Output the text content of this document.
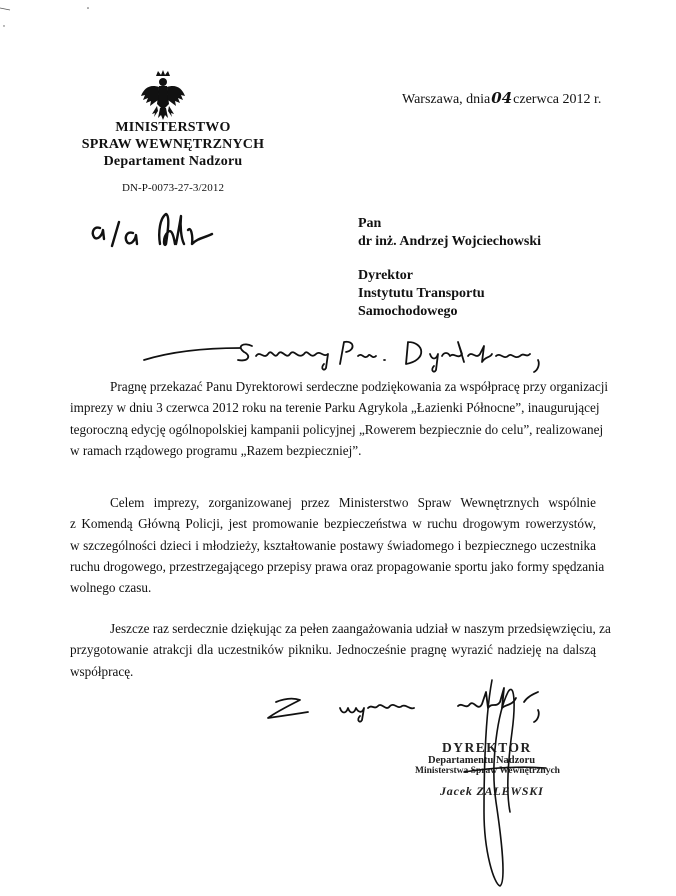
MINISTERSTWO
SPRAW WEWNĘTRZNYCH
Departament Nadzoru
DN-P-0073-27-3/2012
Warszawa, dnia04czerwca 2012 r.
Pan
dr inż. Andrzej Wojciechowski
Dyrektor
Instytutu Transportu
Samochodowego
Pragnę przekazać Panu Dyrektorowi serdeczne podziękowania za współpracę przy organizacji
imprezy w dniu 3 czerwca 2012 roku na terenie Parku Agrykola „Łazienki Północne”, inaugurującej
tegoroczną edycję ogólnopolskiej kampanii policyjnej „Rowerem bezpiecznie do celu”, realizowanej
w ramach rządowego programu „Razem bezpieczniej”.
Celem imprezy, zorganizowanej przez Ministerstwo Spraw Wewnętrznych wspólnie
z Komendą Główną Policji, jest promowanie bezpieczeństwa w ruchu drogowym rowerzystów,
w szczególności dzieci i młodzieży, kształtowanie postawy świadomego i bezpiecznego uczestnika
ruchu drogowego, przestrzegającego przepisy prawa oraz propagowanie sportu jako formy spędzania
wolnego czasu.
Jeszcze raz serdecznie dziękując za pełen zaangażowania udział w naszym przedsięwzięciu, za
przygotowanie atrakcji dla uczestników pikniku. Jednocześnie pragnę wyrazić nadzieję na dalszą
współpracę.
DYREKTOR
Departamentu Nadzoru
Ministerstwa Spraw Wewnętrznych
Jacek ZALEWSKI
